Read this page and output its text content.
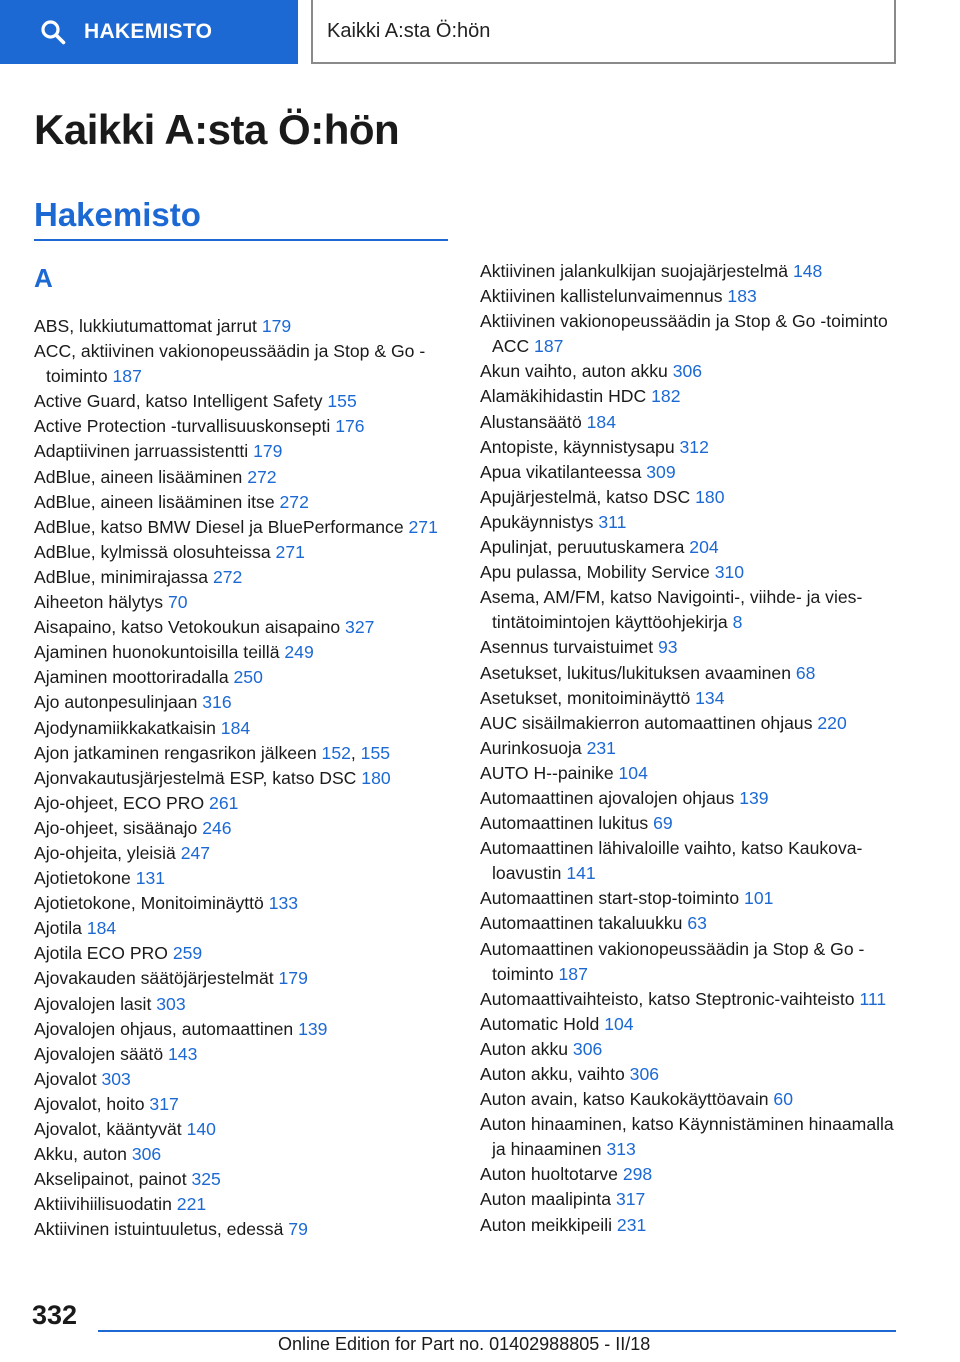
HAKEMISTO	Kaikki A:sta Ö:hön
Kaikki A:sta Ö:hön
Hakemisto
A
ABS, lukkiutumattomat jarrut 179
ACC, aktiivinen vakionopeussäädin ja Stop & Go -toiminto 187
Active Guard, katso Intelligent Safety 155
Active Protection -turvallisuuskonsepti 176
Adaptiivinen jarruassistentti 179
AdBlue, aineen lisääminen 272
AdBlue, aineen lisääminen itse 272
AdBlue, katso BMW Diesel ja BluePerformance 271
AdBlue, kylmissä olosuhteissa 271
AdBlue, minimirajassa 272
Aiheeton hälytys 70
Aisapaino, katso Vetokoukun aisapaino 327
Ajaminen huonokuntoisilla teillä 249
Ajaminen moottoriradalla 250
Ajo autonpesulinjaan 316
Ajodynamiikkakatkaisin 184
Ajon jatkaminen rengasrikon jälkeen 152, 155
Ajonvakautusjärjestelmä ESP, katso DSC 180
Ajo-ohjeet, ECO PRO 261
Ajo-ohjeet, sisäänajo 246
Ajo-ohjeita, yleisiä 247
Ajotietokone 131
Ajotietokone, Monitoiminäyttö 133
Ajotila 184
Ajotila ECO PRO 259
Ajovakauden säätöjärjestelmät 179
Ajovalojen lasit 303
Ajovalojen ohjaus, automaattinen 139
Ajovalojen säätö 143
Ajovalot 303
Ajovalot, hoito 317
Ajovalot, kääntyvät 140
Akku, auton 306
Akselipainot, painot 325
Aktiivihiilisuodatin 221
Aktiivinen istuintuuletus, edessä 79
Aktiivinen jalankulkijan suojajärjestelmä 148
Aktiivinen kallistelunvaimennus 183
Aktiivinen vakionopeussäädin ja Stop & Go -toiminto ACC 187
Akun vaihto, auton akku 306
Alamäkihidastin HDC 182
Alustansäätö 184
Antopiste, käynnistysapu 312
Apua vikatilanteessa 309
Apujärjestelmä, katso DSC 180
Apukäynnistys 311
Apulinjat, peruutuskamera 204
Apu pulassa, Mobility Service 310
Asema, AM/FM, katso Navigointi-, viihde- ja viestintätoimintojen käyttöohjekirja 8
Asennus turvaistuimet 93
Asetukset, lukitus/lukituksen avaaminen 68
Asetukset, monitoiminäyttö 134
AUC sisäilmakierron automaattinen ohjaus 220
Aurinkosuoja 231
AUTO H--painike 104
Automaattinen ajovalojen ohjaus 139
Automaattinen lukitus 69
Automaattinen lähivaloille vaihto, katso Kaukovaloavustin 141
Automaattinen start-stop-toiminto 101
Automaattinen takaluukku 63
Automaattinen vakionopeussäädin ja Stop & Go -toiminto 187
Automaattivaihteisto, katso Steptronic-vaihteisto 111
Automatic Hold 104
Auton akku 306
Auton akku, vaihto 306
Auton avain, katso Kaukokäyttöavain 60
Auton hinaaminen, katso Käynnistäminen hinaamalla ja hinaaminen 313
Auton huoltotarve 298
Auton maalipinta 317
Auton meikkipeili 231
332
Online Edition for Part no. 01402988805 - II/18
